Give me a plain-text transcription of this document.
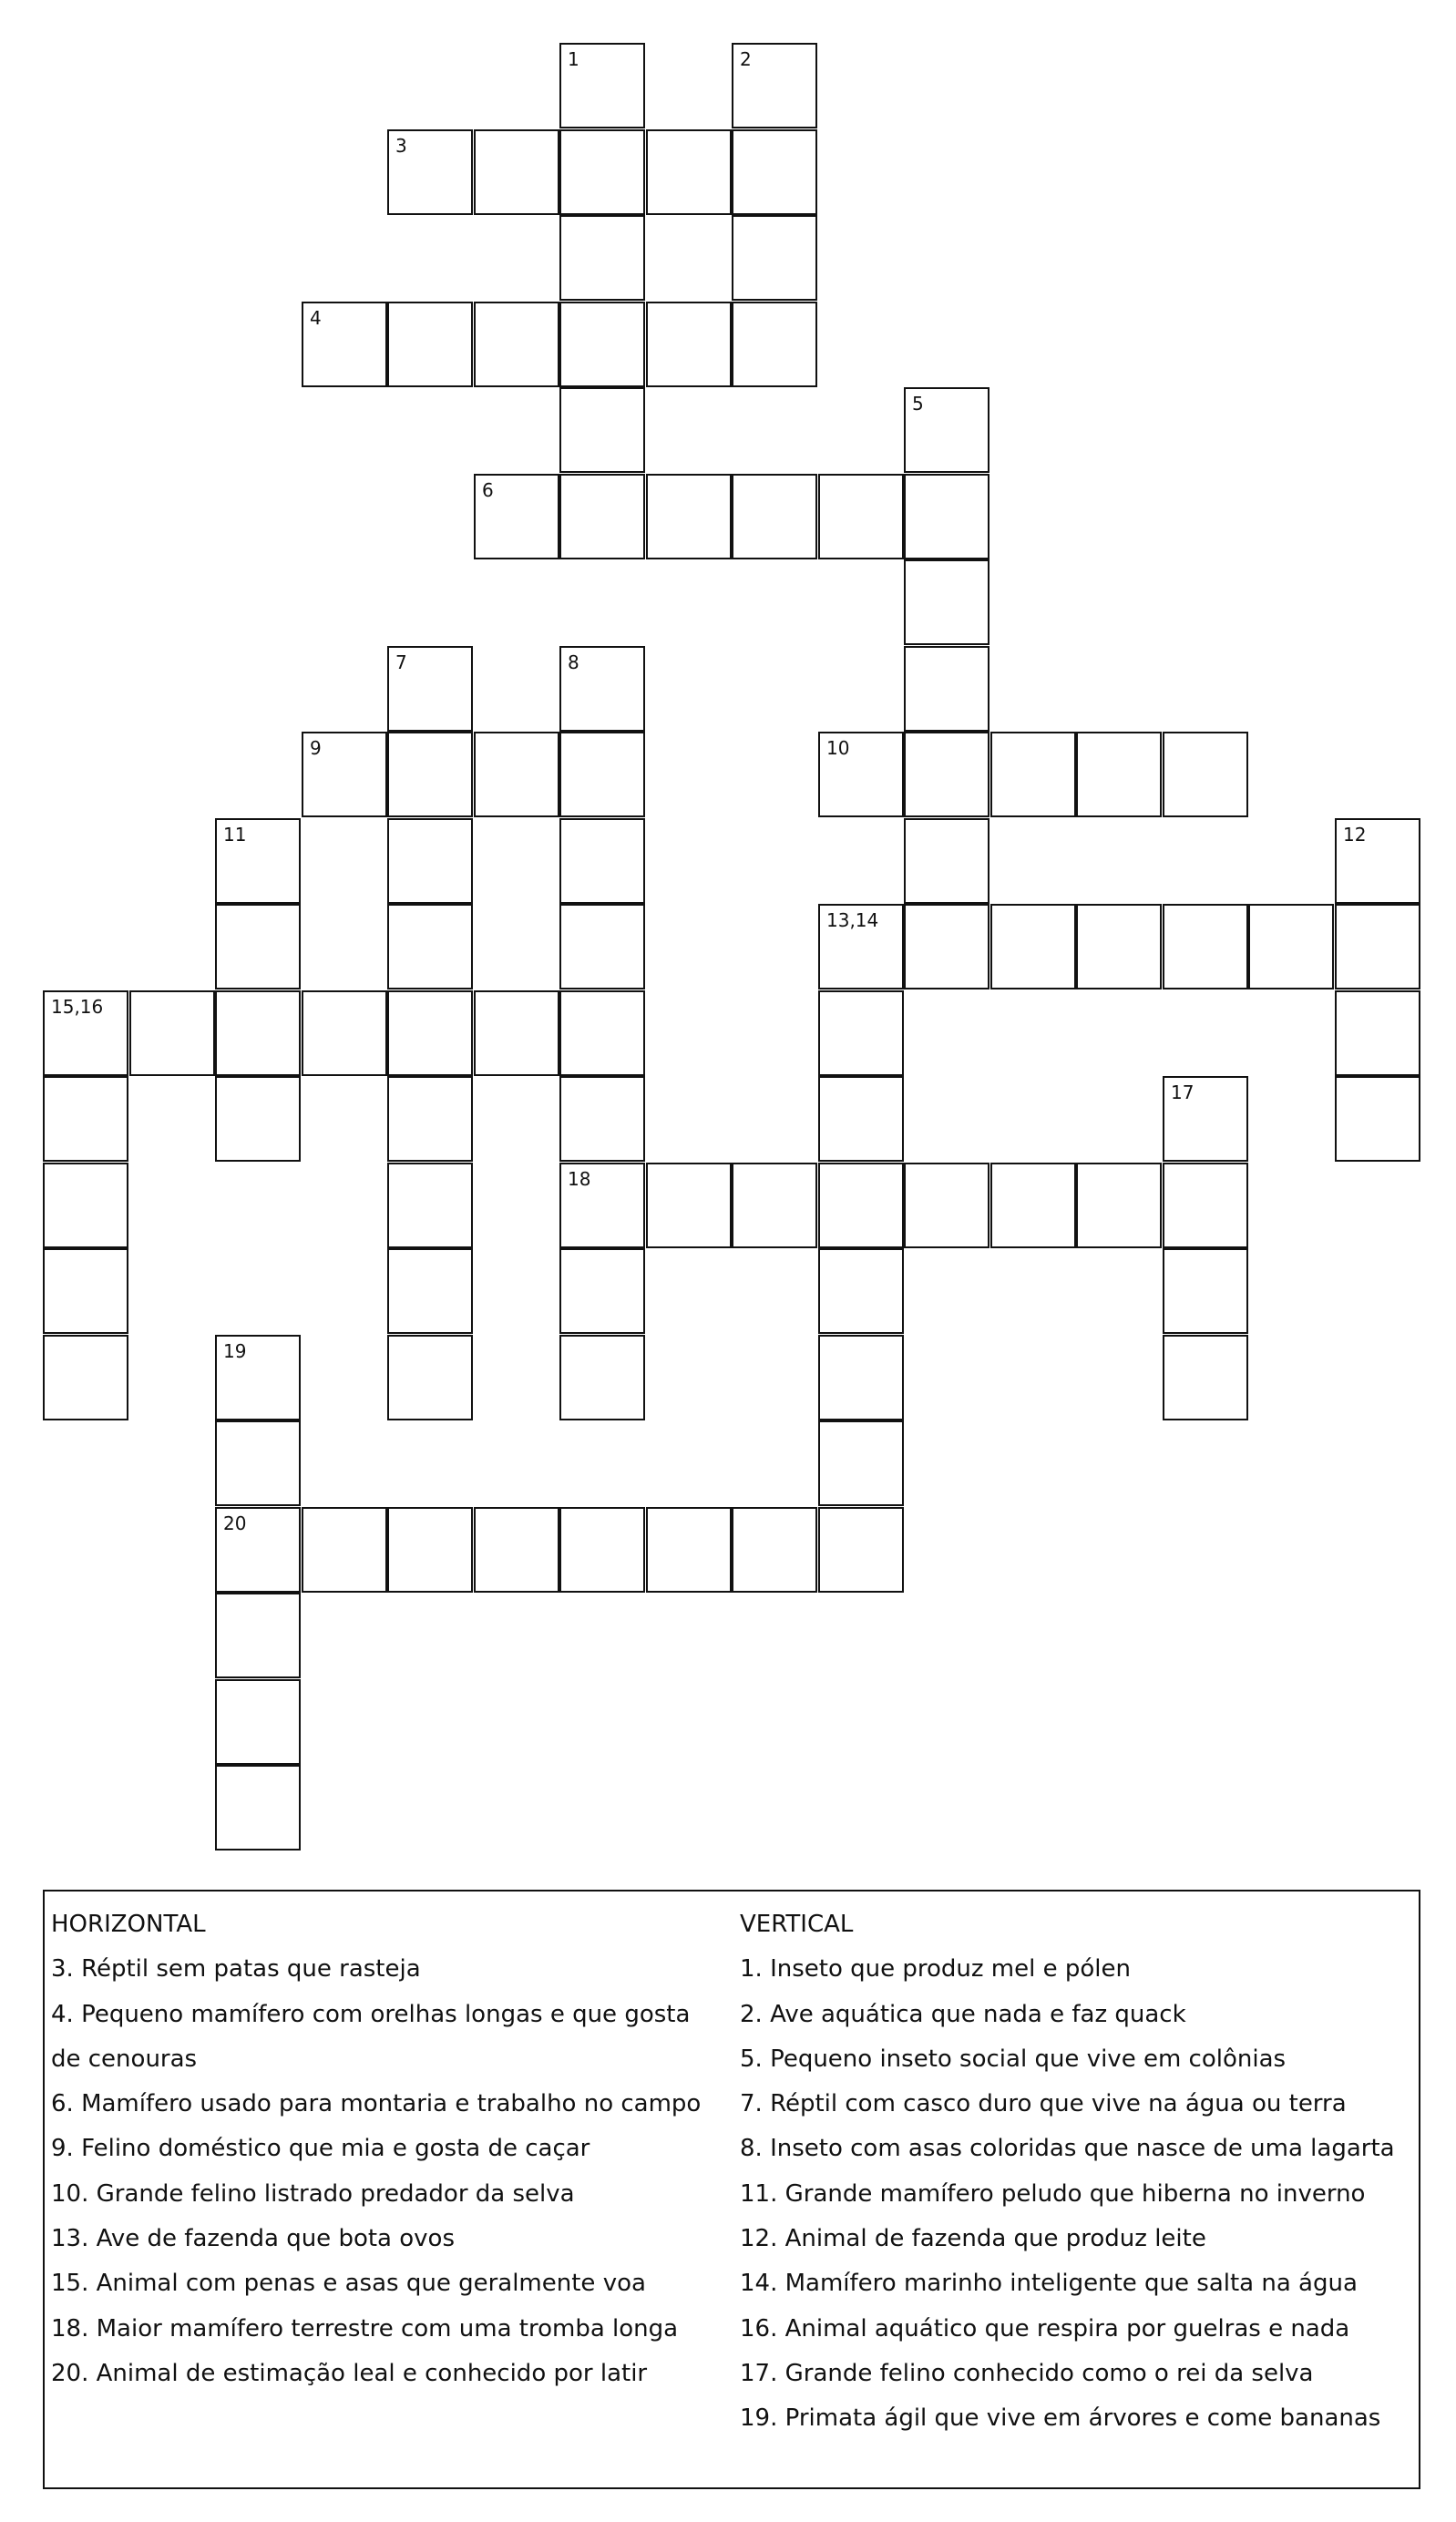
1	2
3
4
5
6
7	8
9	10
11	12
13,14
15,16
17
18
19
20
HORIZONTAL
3. Réptil sem patas que rasteja
4. Pequeno mamífero com orelhas longas e que gosta
de cenouras
6. Mamífero usado para montaria e trabalho no campo
9. Felino doméstico que mia e gosta de caçar
10. Grande felino listrado predador da selva
13. Ave de fazenda que bota ovos
15. Animal com penas e asas que geralmente voa
18. Maior mamífero terrestre com uma tromba longa
20. Animal de estimação leal e conhecido por latir
VERTICAL
1. Inseto que produz mel e pólen
2. Ave aquática que nada e faz quack
5. Pequeno inseto social que vive em colônias
7. Réptil com casco duro que vive na água ou terra
8. Inseto com asas coloridas que nasce de uma lagarta
11. Grande mamífero peludo que hiberna no inverno
12. Animal de fazenda que produz leite
14. Mamífero marinho inteligente que salta na água
16. Animal aquático que respira por guelras e nada
17. Grande felino conhecido como o rei da selva
19. Primata ágil que vive em árvores e come bananas
